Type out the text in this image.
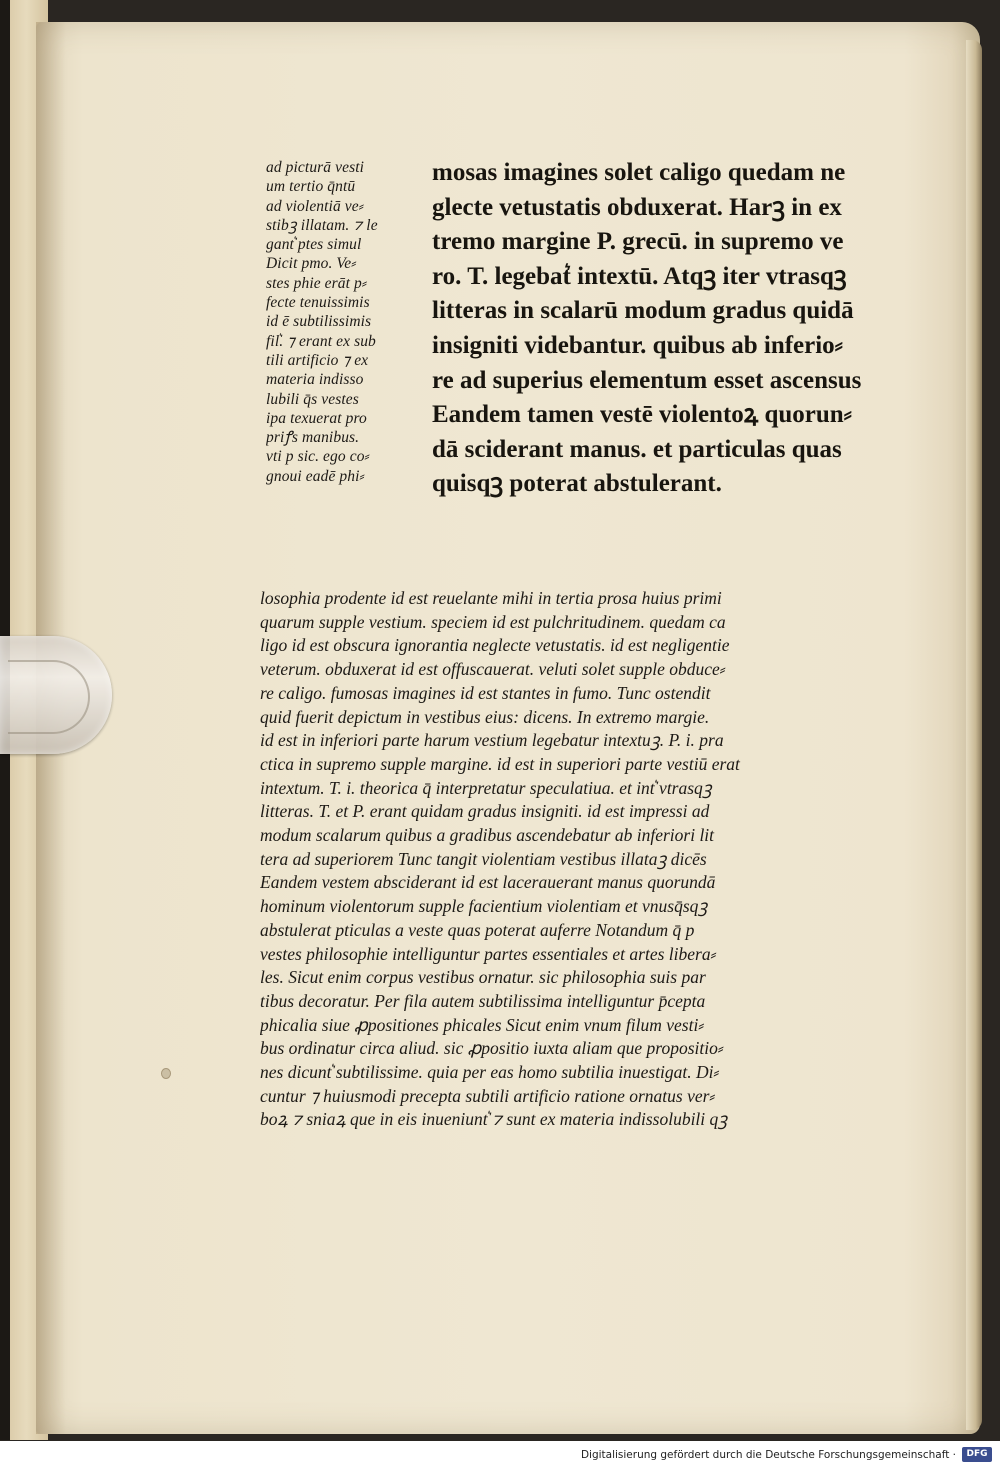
ad picturā vesti
um tertio q̄ntū
ad violentiā ve⸗
stibꝫ illatam. ⁊ le
gant͛ ptes simul
Dicit pmo. Ve⸗
stes phie erāt p⸗
fecte tenuissimis
id ē subtilissimis
fil͛. ⁊ erant ex sub
tili artificio ⁊ ex
materia indisso
lubili q̄s vestes
ipa texuerat pro
priꝭs manibus.
vti p sic. ego co⸗
gnoui eadē phi⸗
mosas imagines solet caligo quedam ne
glecte vetustatis obduxerat. Harꝫ in ex
tremo margine P. grecū. in supremo ve
ro. T. legebat͛ intextū. Atqꝫ iter vtrasqꝫ
litteras in scalarū modum gradus quidā
insigniti videbantur. quibus ab inferio⸗
re ad superius elementum esset ascensus
Eandem tamen vestē violentoꝝ quorun⸗
dā sciderant manus. et particulas quas
quisqꝫ poterat abstulerant.
losophia prodente id est reuelante mihi in tertia prosa huius primi
quarum supple vestium. speciem id est pulchritudinem. quedam ca
ligo id est obscura ignorantia neglecte vetustatis. id est negligentie
veterum. obduxerat id est offuscauerat. veluti solet supple obduce⸗
re caligo. fumosas imagines id est stantes in fumo. Tunc ostendit
quid fuerit depictum in vestibus eius: dicens. In extremo margie.
id est in inferiori parte harum vestium legebatur intextuꝫ. P. i. pra
ctica in supremo supple margine. id est in superiori parte vestiū erat
intextum. T. i. theorica q̄ interpretatur speculatiua. et int͛ vtrasqꝫ
litteras. T. et P. erant quidam gradus insigniti. id est impressi ad
modum scalarum quibus a gradibus ascendebatur ab inferiori lit
tera ad superiorem Tunc tangit violentiam vestibus illataꝫ dicēs
Eandem vestem absciderant id est lacerauerant manus quorundā
hominum violentorum supple facientium violentiam et vnusq̄sqꝫ
abstulerat pticulas a veste quas poterat auferre Notandum q̄ p
vestes philosophie intelliguntur partes essentiales et artes libera⸗
les. Sicut enim corpus vestibus ornatur. sic philosophia suis par
tibus decoratur. Per fila autem subtilissima intelliguntur p̄cepta
phicalia siue ꝓpositiones phicales Sicut enim vnum filum vesti⸗
bus ordinatur circa aliud. sic ꝓpositio iuxta aliam que propositio⸗
nes dicunt͛ subtilissime. quia per eas homo subtilia inuestigat. Di⸗
cuntur ⁊ huiusmodi precepta subtili artificio ratione ornatus ver⸗
boꝝ ⁊ sniaꝝ que in eis inueniunt͛ ⁊ sunt ex materia indissolubili qꝫ
Digitalisierung gefördert durch die Deutsche Forschungsgemeinschaft ·	DFG
